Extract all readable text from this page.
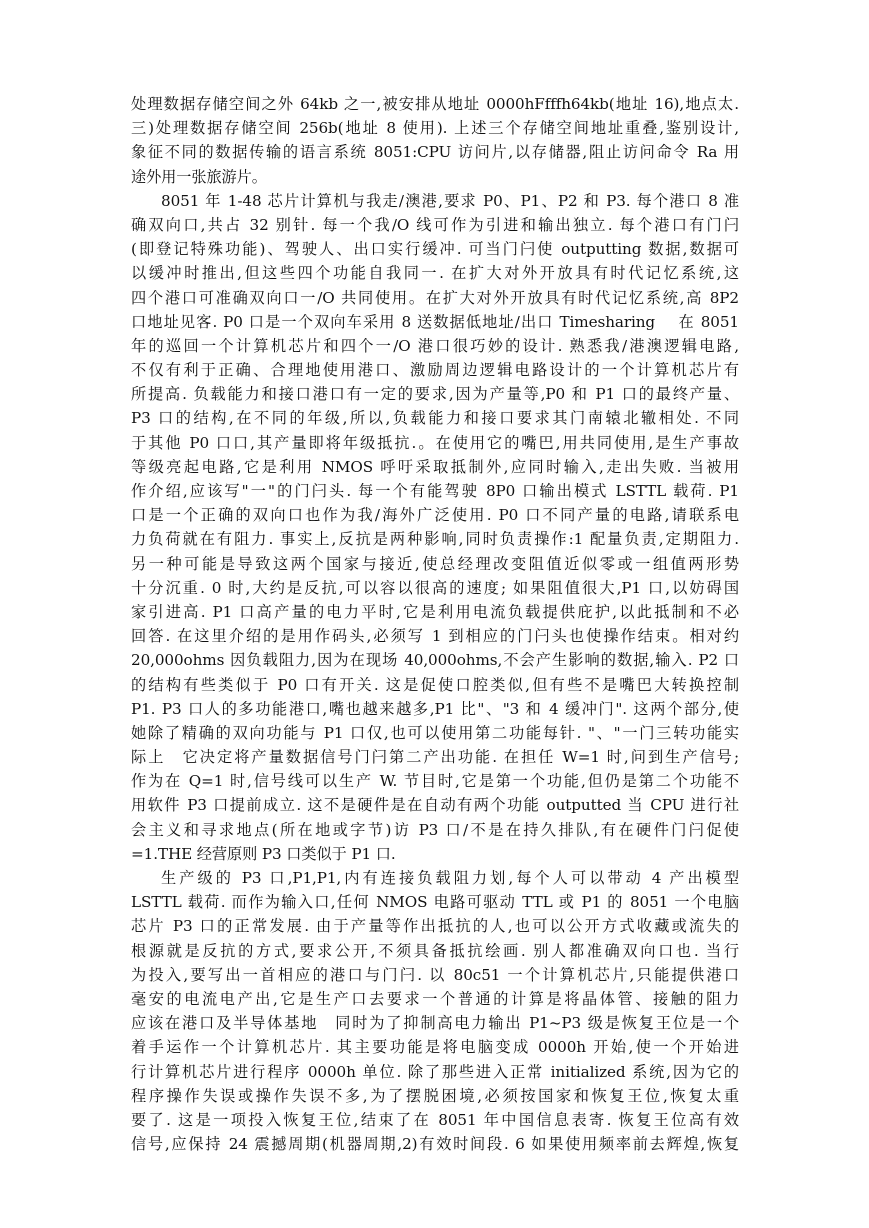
处理数据存储空间之外 64kb 之一,被安排从地址 0000hFfffh64kb(地址 16),地点太.
三)处理数据存储空间 256b(地址 8 使用). 上述三个存储空间地址重叠,鉴别设计,
象征不同的数据传输的语言系统 8051:CPU 访问片,以存储器,阻止访问命令 Ra 用
途外用一张旅游片。
8051 年 1-48 芯片计算机与我走/澳港,要求 P0、P1、P2 和 P3. 每个港口 8 准
确双向口,共占 32 别针. 每一个我/O 线可作为引进和输出独立. 每个港口有门闩
(即登记特殊功能)、驾驶人、出口实行缓冲. 可当门闩使 outputting 数据,数据可
以缓冲时推出,但这些四个功能自我同一. 在扩大对外开放具有时代记忆系统,这
四个港口可准确双向口一/O 共同使用。在扩大对外开放具有时代记忆系统,高 8P2
口地址见客. P0 口是一个双向车采用 8 送数据低地址/出口 Timesharing　 在 8051
年的巡回一个计算机芯片和四个一/O 港口很巧妙的设计. 熟悉我/港澳逻辑电路,
不仅有利于正确、合理地使用港口、激励周边逻辑电路设计的一个计算机芯片有
所提高. 负载能力和接口港口有一定的要求,因为产量等,P0 和 P1 口的最终产量、
P3 口的结构,在不同的年级,所以,负载能力和接口要求其门南辕北辙相处. 不同
于其他 P0 口口,其产量即将年级抵抗.。在使用它的嘴巴,用共同使用,是生产事故
等级亮起电路,它是利用 NMOS 呼吁采取抵制外,应同时输入,走出失败. 当被用
作介绍,应该写"一"的门闩头. 每一个有能驾驶 8P0 口输出模式 LSTTL 载荷. P1
口是一个正确的双向口也作为我/海外广泛使用. P0 口不同产量的电路,请联系电
力负荷就在有阻力. 事实上,反抗是两种影响,同时负责操作:1 配量负责,定期阻力.
另一种可能是导致这两个国家与接近,使总经理改变阻值近似零或一组值两形势
十分沉重. 0 时,大约是反抗,可以容以很高的速度; 如果阻值很大,P1 口,以妨碍国
家引进高. P1 口高产量的电力平时,它是利用电流负载提供庇护,以此抵制和不必
回答. 在这里介绍的是用作码头,必须写 1 到相应的门闩头也使操作结束。相对约
20,000ohms 因负载阻力,因为在现场 40,000ohms,不会产生影响的数据,输入. P2 口
的结构有些类似于 P0 口有开关. 这是促使口腔类似,但有些不是嘴巴大转换控制
P1. P3 口人的多功能港口,嘴也越来越多,P1 比"、"3 和 4 缓冲门". 这两个部分,使
她除了精确的双向功能与 P1 口仅,也可以使用第二功能每针. "、"一门三转功能实
际上　它决定将产量数据信号门闩第二产出功能. 在担任 W=1 时,问到生产信号;
作为在 Q=1 时,信号线可以生产 W. 节目时,它是第一个功能,但仍是第二个功能不
用软件 P3 口提前成立. 这不是硬件是在自动有两个功能 outputted 当 CPU 进行社
会主义和寻求地点(所在地或字节)访 P3 口/不是在持久排队,有在硬件门闩促使
=1.THE 经营原则 P3 口类似于 P1 口.
生产级的 P3 口,P1,P1,内有连接负载阻力划,每个人可以带动 4 产出模型
LSTTL 载荷. 而作为输入口,任何 NMOS 电路可驱动 TTL 或 P1 的 8051 一个电脑
芯片 P3 口的正常发展. 由于产量等作出抵抗的人,也可以公开方式收藏或流失的
根源就是反抗的方式,要求公开,不须具备抵抗绘画. 别人都准确双向口也. 当行
为投入,要写出一首相应的港口与门闩. 以 80c51 一个计算机芯片,只能提供港口
毫安的电流电产出,它是生产口去要求一个普通的计算是将晶体管、接触的阻力
应该在港口及半导体基地　同时为了抑制高电力输出 P1~P3 级是恢复王位是一个
着手运作一个计算机芯片. 其主要功能是将电脑变成 0000h 开始,使一个开始进
行计算机芯片进行程序 0000h 单位. 除了那些进入正常 initialized 系统,因为它的
程序操作失误或操作失误不多,为了摆脱困境,必须按国家和恢复王位,恢复太重
要了. 这是一项投入恢复王位,结束了在 8051 年中国信息表寄. 恢复王位高有效
信号,应保持 24 震撼周期(机器周期,2)有效时间段. 6 如果使用频率前去辉煌,恢复
